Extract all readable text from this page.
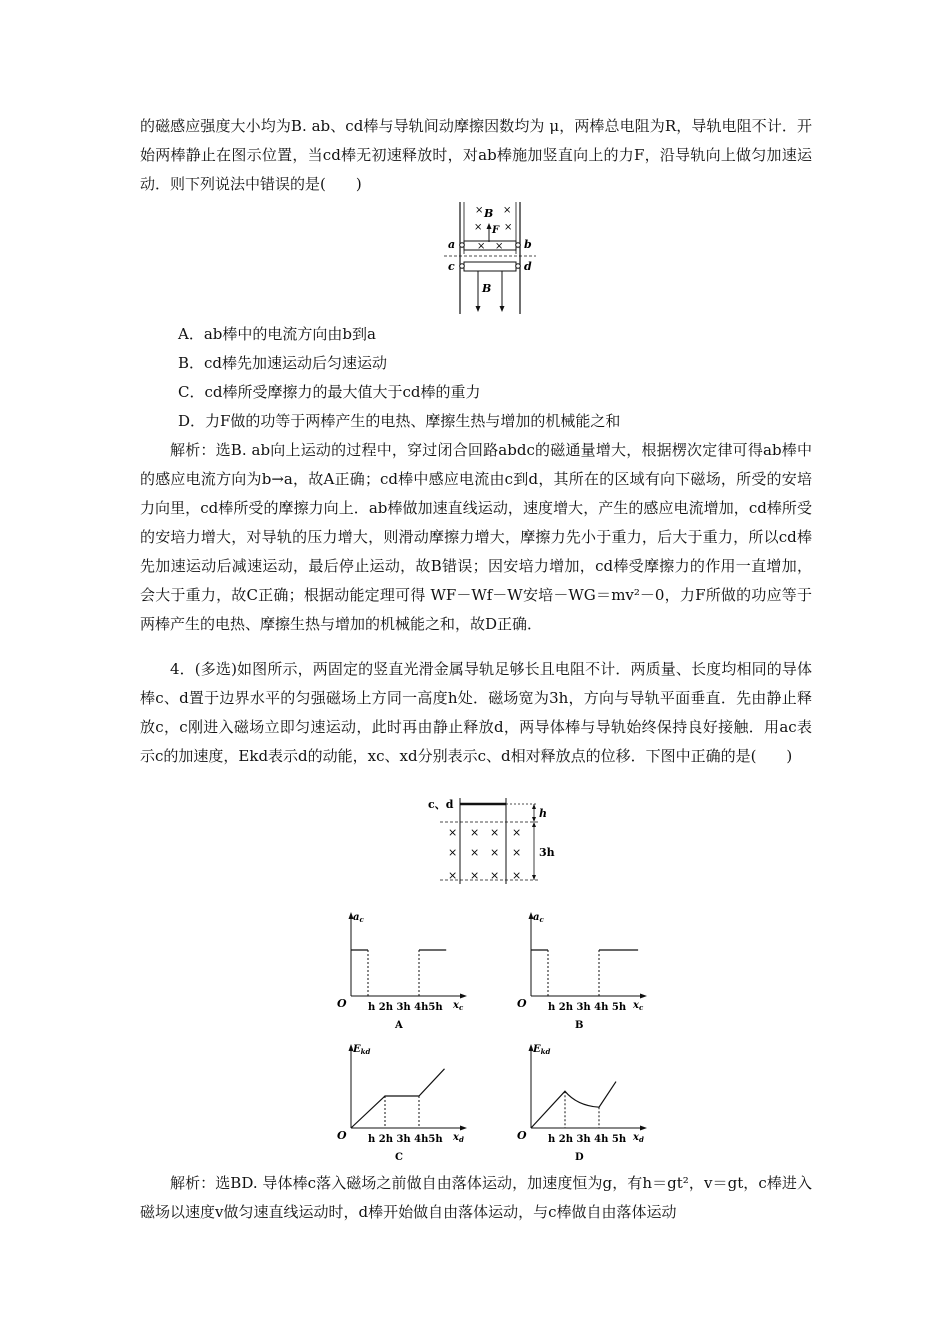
的磁感应强度大小均为B. ab、cd棒与导轨间动摩擦因数均为 μ，两棒总电阻为R，导轨电阻不计．开始两棒静止在图示位置，当cd棒无初速释放时，对ab棒施加竖直向上的力F，沿导轨向上做匀加速运动．则下列说法中错误的是(　　)

× ×
× ×
× ×
B
F
a	b
c	d
B

A．ab棒中的电流方向由b到a

B．cd棒先加速运动后匀速运动

C．cd棒所受摩擦力的最大值大于cd棒的重力

D．力F做的功等于两棒产生的电热、摩擦生热与增加的机械能之和

解析：选B. ab向上运动的过程中，穿过闭合回路abdc的磁通量增大，根据楞次定律可得ab棒中的感应电流方向为b→a，故A正确；cd棒中感应电流由c到d，其所在的区域有向下磁场，所受的安培力向里，cd棒所受的摩擦力向上．ab棒做加速直线运动，速度增大，产生的感应电流增加，cd棒所受的安培力增大，对导轨的压力增大，则滑动摩擦力增大，摩擦力先小于重力，后大于重力，所以cd棒先加速运动后减速运动，最后停止运动，故B错误；因安培力增加，cd棒受摩擦力的作用一直增加，会大于重力，故C正确；根据动能定理可得 WF－Wf－W安培－WG＝mv²－0，力F所做的功应等于两棒产生的电热、摩擦生热与增加的机械能之和，故D正确．

4．(多选)如图所示，两固定的竖直光滑金属导轨足够长且电阻不计．两质量、长度均相同的导体棒c、d置于边界水平的匀强磁场上方同一高度h处．磁场宽为3h，方向与导轨平面垂直．先由静止释放c，c刚进入磁场立即匀速运动，此时再由静止释放d，两导体棒与导轨始终保持良好接触．用ac表示c的加速度，Ekd表示d的动能，xc、xd分别表示c、d相对释放点的位移．下图中正确的是(　　)

c、d
h
3h
× × × ×
× × × ×
× × × ×
$a_c$
$x_c$
O h 2h 3h 4h5h
A
$a_c$
$x_c$
O h 2h 3h 4h 5h
B
$E_{kd}$
$x_d$
O h 2h 3h 4h5h
C
$E_{kd}$
$x_d$
O h 2h 3h 4h 5h
D

解析：选BD. 导体棒c落入磁场之前做自由落体运动，加速度恒为g，有h＝gt²，v＝gt，c棒进入磁场以速度v做匀速直线运动时，d棒开始做自由落体运动，与c棒做自由落体运动
